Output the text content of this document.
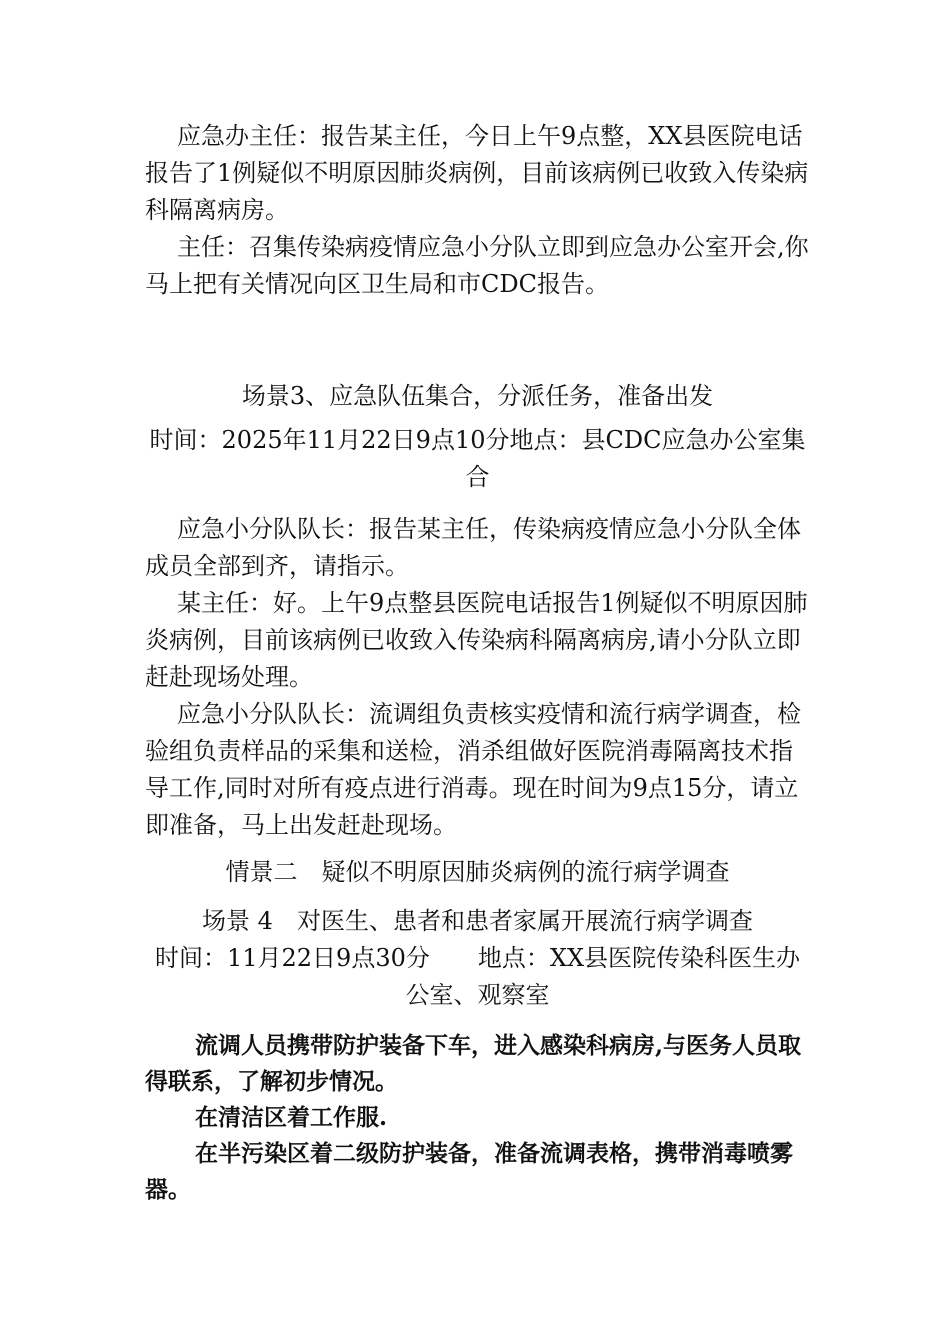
应急办主任：报告某主任，今日上午9点整，XX县医院电话报告了1例疑似不明原因肺炎病例，目前该病例已收致入传染病科隔离病房。

主任：召集传染病疫情应急小分队立即到应急办公室开会,你马上把有关情况向区卫生局和市CDC报告。

场景3、应急队伍集合，分派任务，准备出发

时间：2025年11月22日9点10分地点：县CDC应急办公室集合

应急小分队队长：报告某主任，传染病疫情应急小分队全体成员全部到齐，请指示。

某主任：好。上午9点整县医院电话报告1例疑似不明原因肺炎病例，目前该病例已收致入传染病科隔离病房,请小分队立即赶赴现场处理。

应急小分队队长：流调组负责核实疫情和流行病学调查，检验组负责样品的采集和送检，消杀组做好医院消毒隔离技术指导工作,同时对所有疫点进行消毒。现在时间为9点15分，请立即准备，马上出发赶赴现场。

情景二　疑似不明原因肺炎病例的流行病学调查

场景 4　对医生、患者和患者家属开展流行病学调查

时间：11月22日9点30分　　地点：XX县医院传染科医生办公室、观察室

流调人员携带防护装备下车，进入感染科病房,与医务人员取得联系，了解初步情况。

在清洁区着工作服.

在半污染区着二级防护装备，准备流调表格，携带消毒喷雾器。
